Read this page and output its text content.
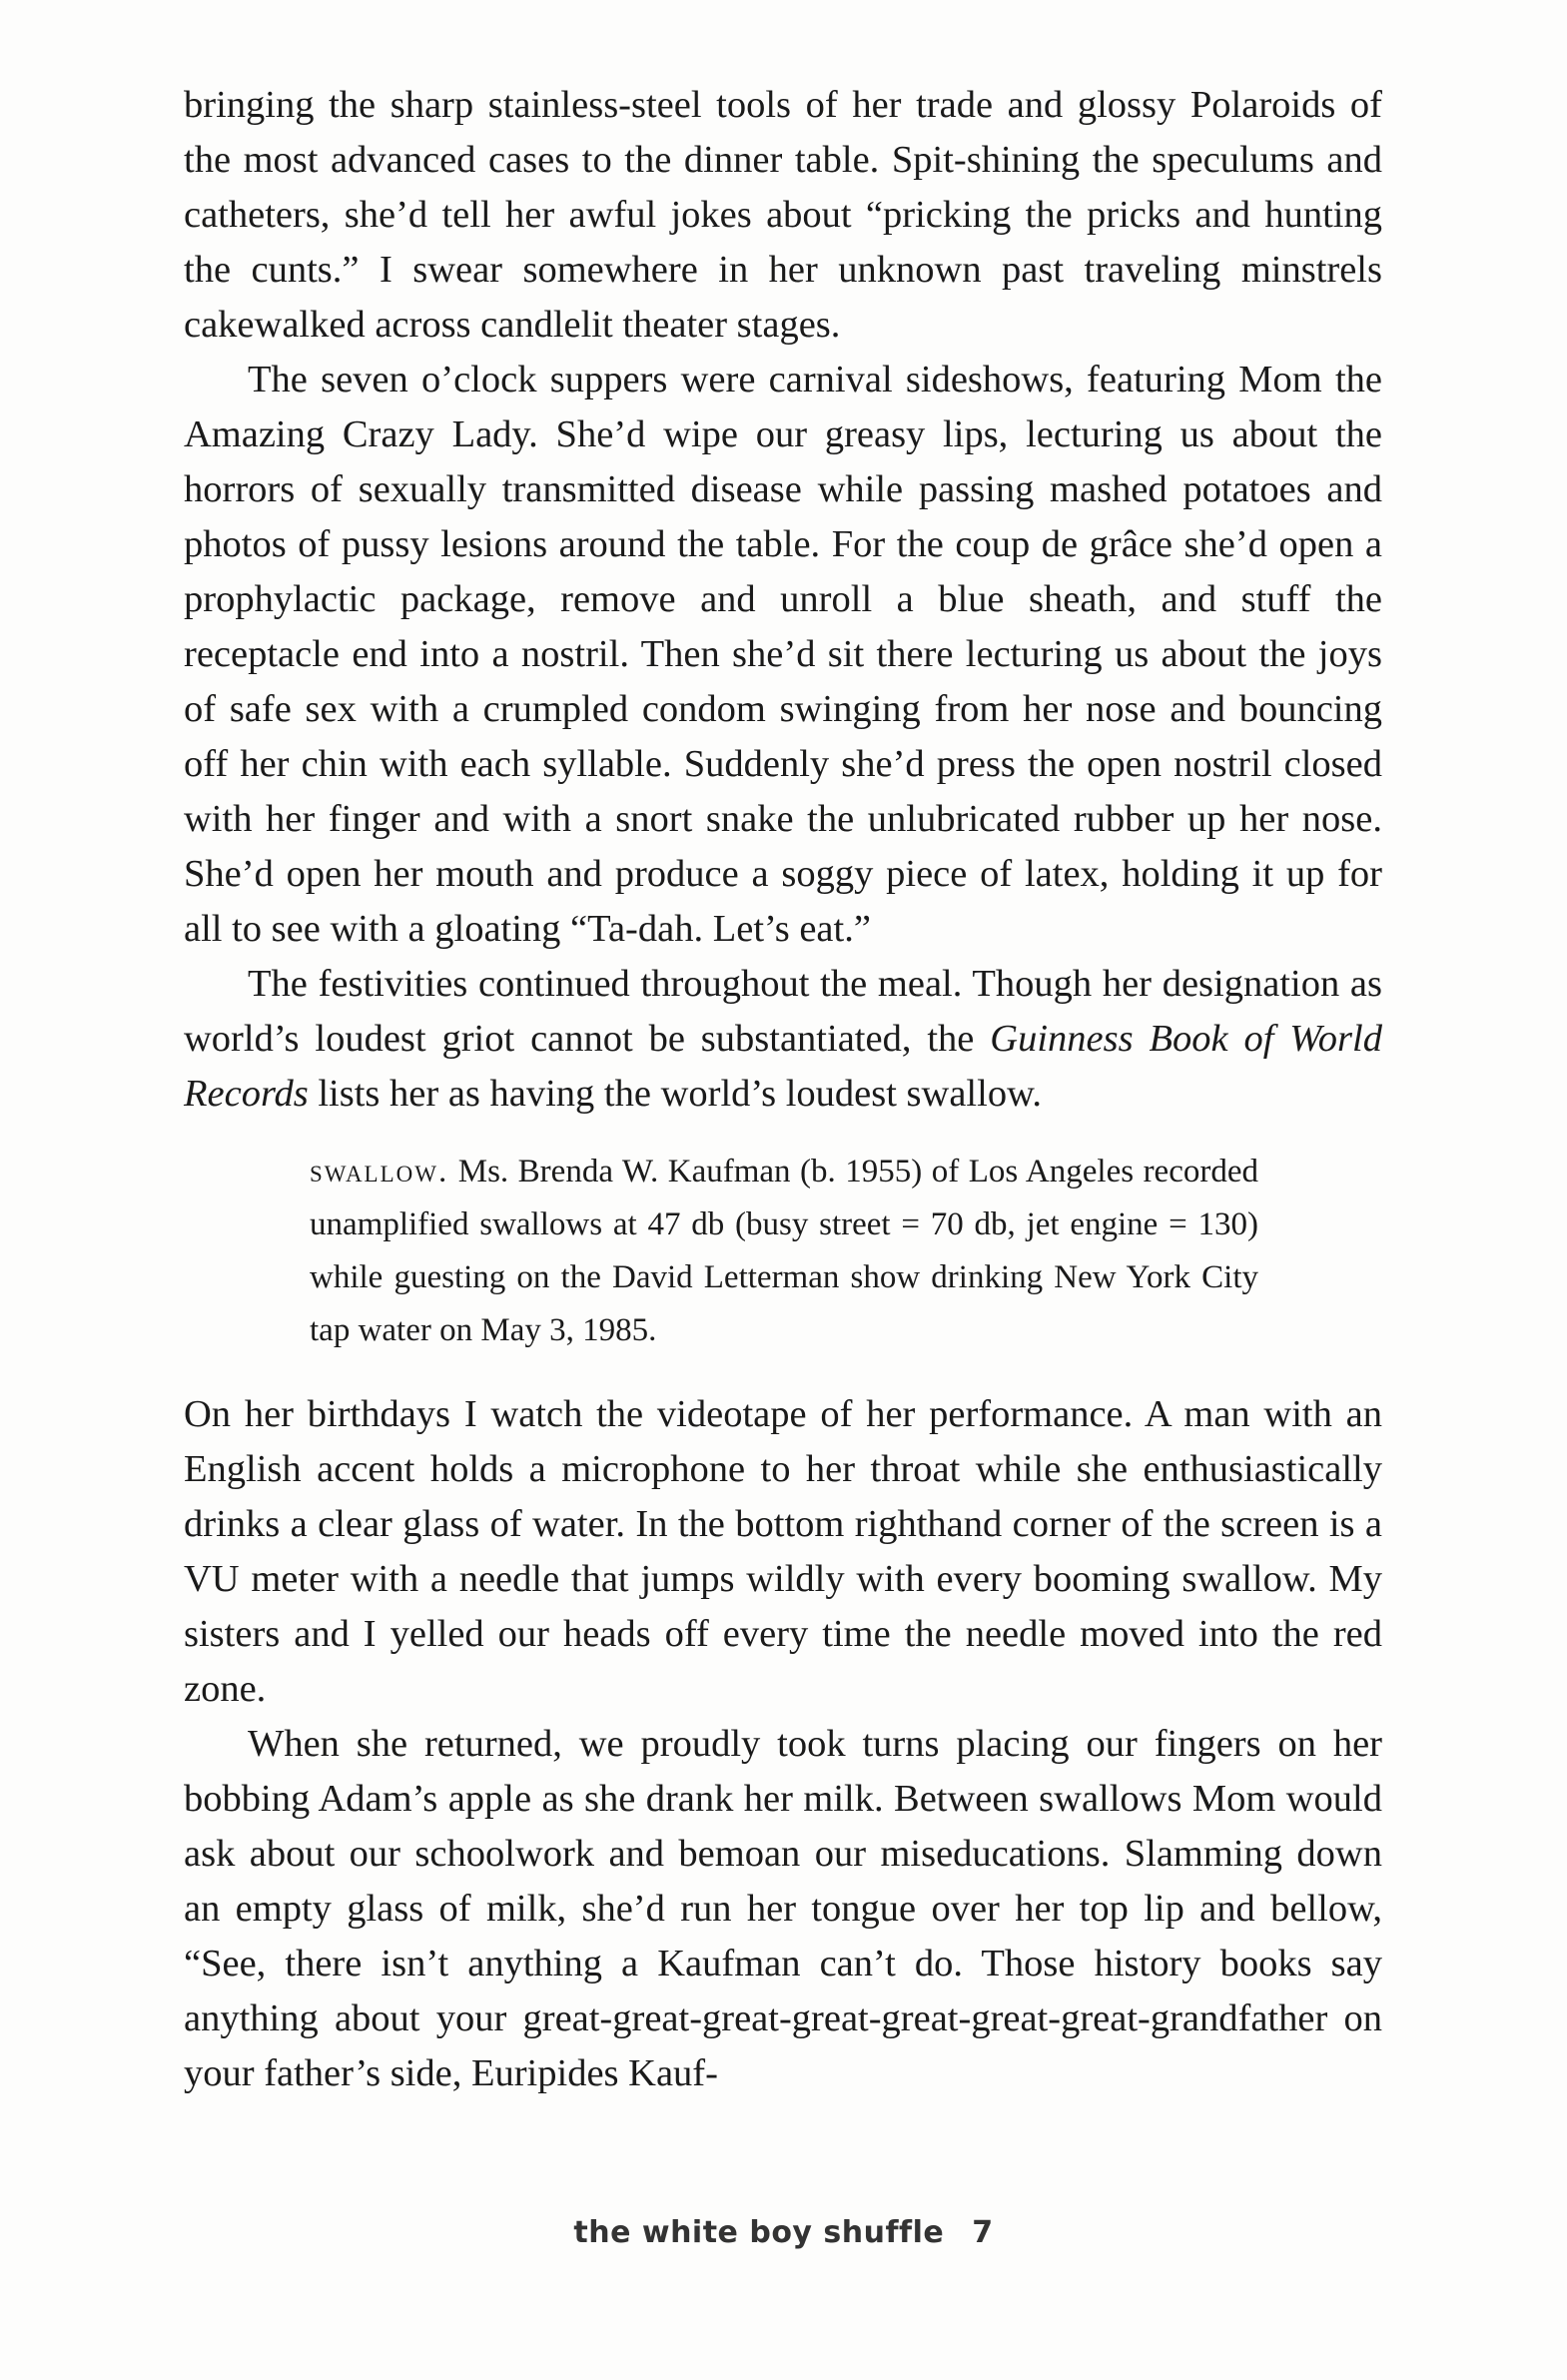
bringing the sharp stainless-steel tools of her trade and glossy Polaroids of the most advanced cases to the dinner table. Spit-shining the speculums and catheters, she’d tell her awful jokes about “pricking the pricks and hunting the cunts.” I swear somewhere in her unknown past traveling minstrels cakewalked across candlelit theater stages.

The seven o’clock suppers were carnival sideshows, featuring Mom the Amazing Crazy Lady. She’d wipe our greasy lips, lecturing us about the horrors of sexually transmitted disease while passing mashed potatoes and photos of pussy lesions around the table. For the coup de grâce she’d open a prophylactic package, remove and unroll a blue sheath, and stuff the receptacle end into a nostril. Then she’d sit there lecturing us about the joys of safe sex with a crumpled condom swinging from her nose and bouncing off her chin with each syllable. Suddenly she’d press the open nostril closed with her finger and with a snort snake the unlubricated rubber up her nose. She’d open her mouth and produce a soggy piece of latex, holding it up for all to see with a gloating “Ta-dah. Let’s eat.”

The festivities continued throughout the meal. Though her designation as world’s loudest griot cannot be substantiated, the Guinness Book of World Records lists her as having the world’s loudest swallow.

swallow. Ms. Brenda W. Kaufman (b. 1955) of Los Angeles recorded unamplified swallows at 47 db (busy street = 70 db, jet engine = 130) while guesting on the David Letterman show drinking New York City tap water on May 3, 1985.

On her birthdays I watch the videotape of her performance. A man with an English accent holds a microphone to her throat while she enthusiastically drinks a clear glass of water. In the bottom righthand corner of the screen is a VU meter with a needle that jumps wildly with every booming swallow. My sisters and I yelled our heads off every time the needle moved into the red zone.

When she returned, we proudly took turns placing our fingers on her bobbing Adam’s apple as she drank her milk. Between swallows Mom would ask about our schoolwork and bemoan our miseducations. Slamming down an empty glass of milk, she’d run her tongue over her top lip and bellow, “See, there isn’t anything a Kaufman can’t do. Those history books say anything about your great-great-great-great-great-great-great-grandfather on your father’s side, Euripides Kauf-

the white boy shuffle 7
